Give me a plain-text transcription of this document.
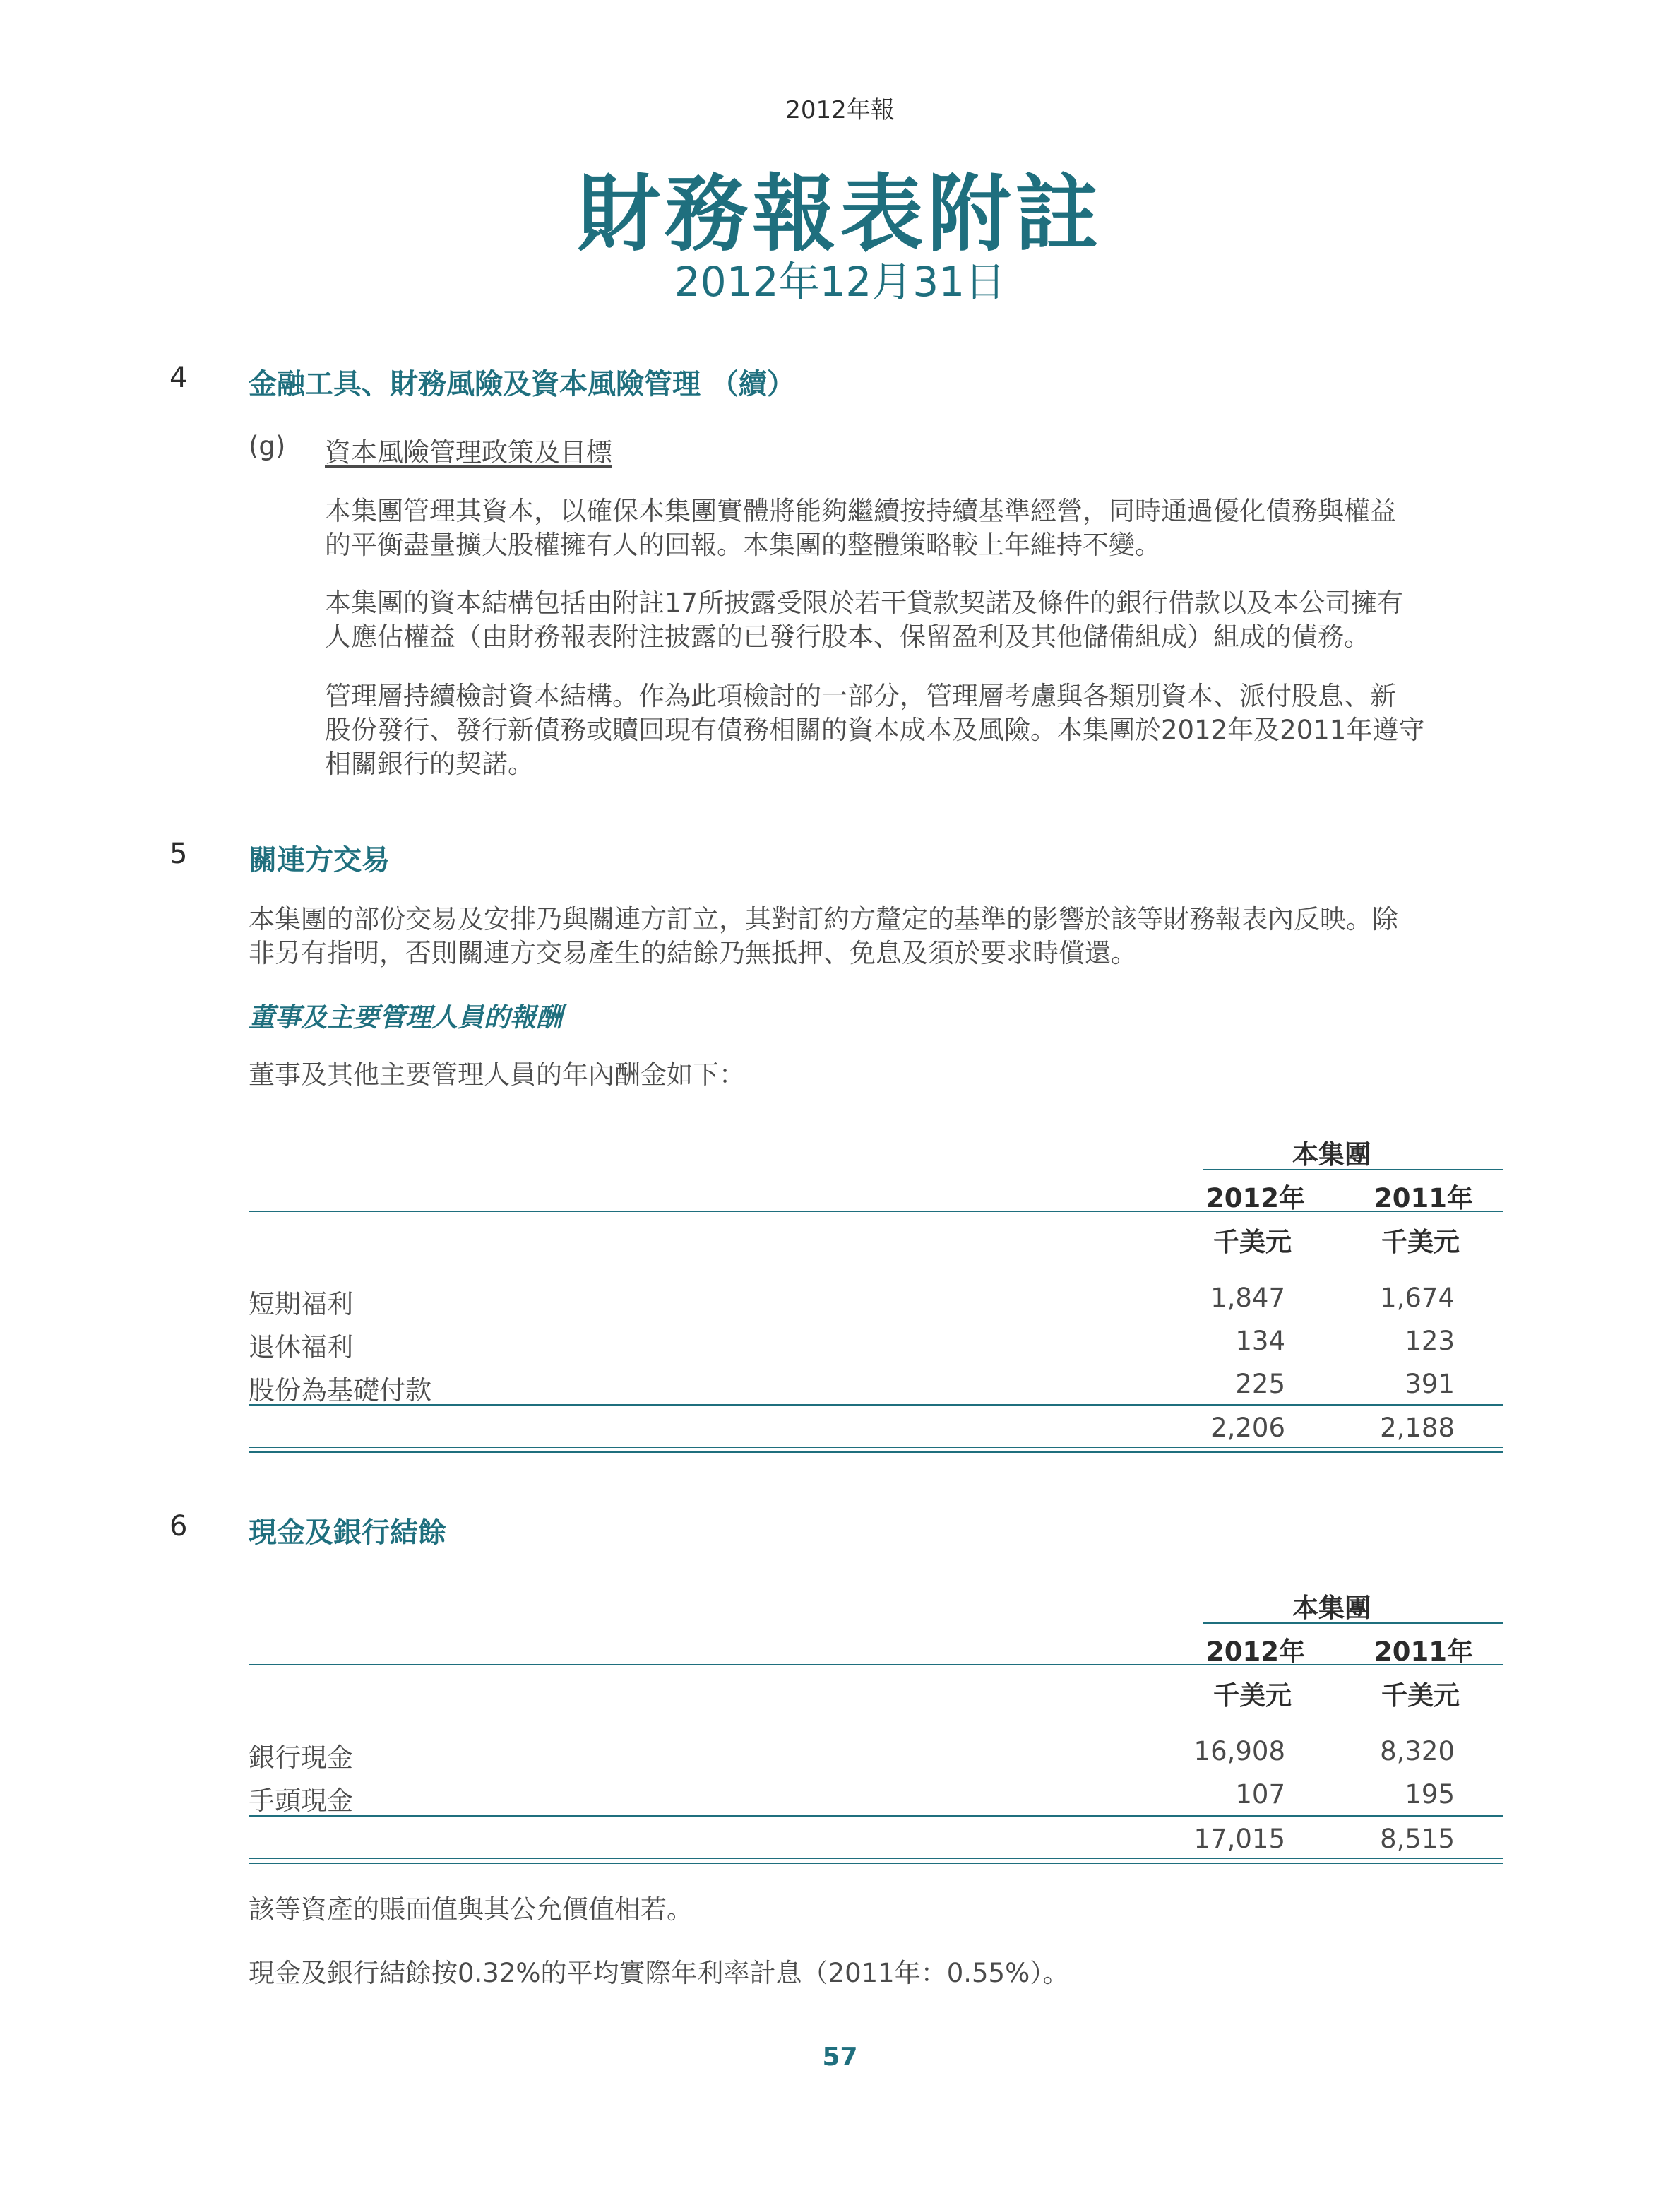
2012年報
財務報表附註
2012年12月31日
4 金融工具、財務風險及資本風險管理 （續）
(g) 資本風險管理政策及目標

本集團管理其資本，以確保本集團實體將能夠繼續按持續基準經營，同時通過優化債務與權益

的平衡盡量擴大股權擁有人的回報。本集團的整體策略較上年維持不變。

本集團的資本結構包括由附註17所披露受限於若干貸款契諾及條件的銀行借款以及本公司擁有

人應佔權益（由財務報表附注披露的已發行股本、保留盈利及其他儲備組成）組成的債務。

管理層持續檢討資本結構。作為此項檢討的一部分，管理層考慮與各類別資本、派付股息、新

股份發行、發行新債務或贖回現有債務相關的資本成本及風險。本集團於2012年及2011年遵守

相關銀行的契諾。

5 關連方交易

本集團的部份交易及安排乃與關連方訂立，其對訂約方釐定的基準的影響於該等財務報表內反映。除

非另有指明，否則關連方交易產生的結餘乃無抵押、免息及須於要求時償還。

董事及主要管理人員的報酬
董事及其他主要管理人員的年內酬金如下：
本集團
2012年	2011年
千美元	千美元
短期福利	1,847	1,674
退休福利	134	123
股份為基礎付款	225	391
2,206	2,188
6 現金及銀行結餘
本集團
2012年	2011年
千美元	千美元
銀行現金	16,908	8,320
手頭現金	107	195
17,015	8,515
該等資產的賬面值與其公允價值相若。
現金及銀行結餘按0.32%的平均實際年利率計息（2011年：0.55%）。
57
